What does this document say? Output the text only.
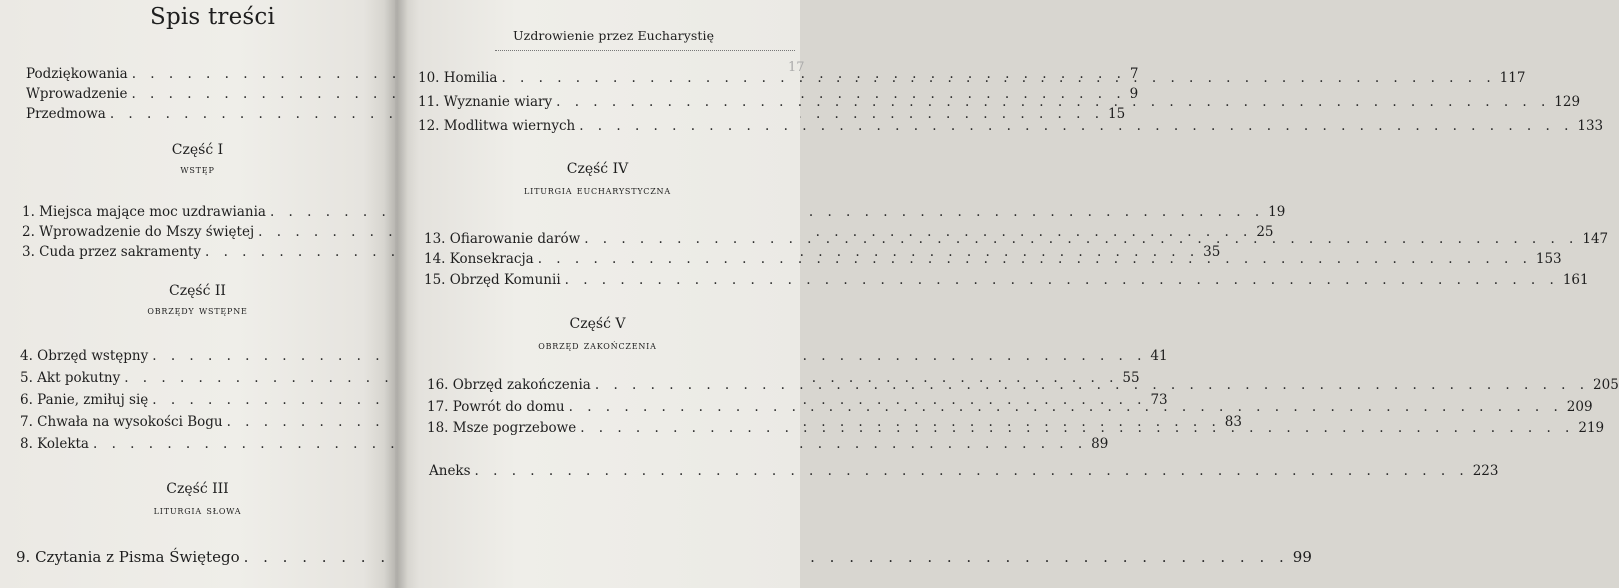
Spis treści
Podziękowania . . .	7
Wprowadzenie . . .	9
Przedmowa . . .	15
Część I
wstęp
1. Miejsca mające moc uzdrawiania . . .	19
2. Wprowadzenie do Mszy świętej . . .	25
3. Cuda przez sakramenty . . .	35
Część II
obrzędy wstępne
4. Obrzęd wstępny . . .	41
5. Akt pokutny . . .	55
6. Panie, zmiłuj się . . .	73
7. Chwała na wysokości Bogu . . .	83
8. Kolekta . . .	89
Część III
liturgia słowa
9. Czytania z Pisma Świętego . . .	99
Uzdrowienie przez Eucharystię
17
10. Homilia . . .	117
11. Wyznanie wiary . . .	129
12. Modlitwa wiernych . . .	133
Część IV
liturgia eucharystyczna
13. Ofiarowanie darów . . .	147
14. Konsekracja . . .	153
15. Obrzęd Komunii . . .	161
Część V
obrzęd zakończenia
16. Obrzęd zakończenia . . .	205
17. Powrót do domu . . .	209
18. Msze pogrzebowe . . .	219
Aneks . . .	223
